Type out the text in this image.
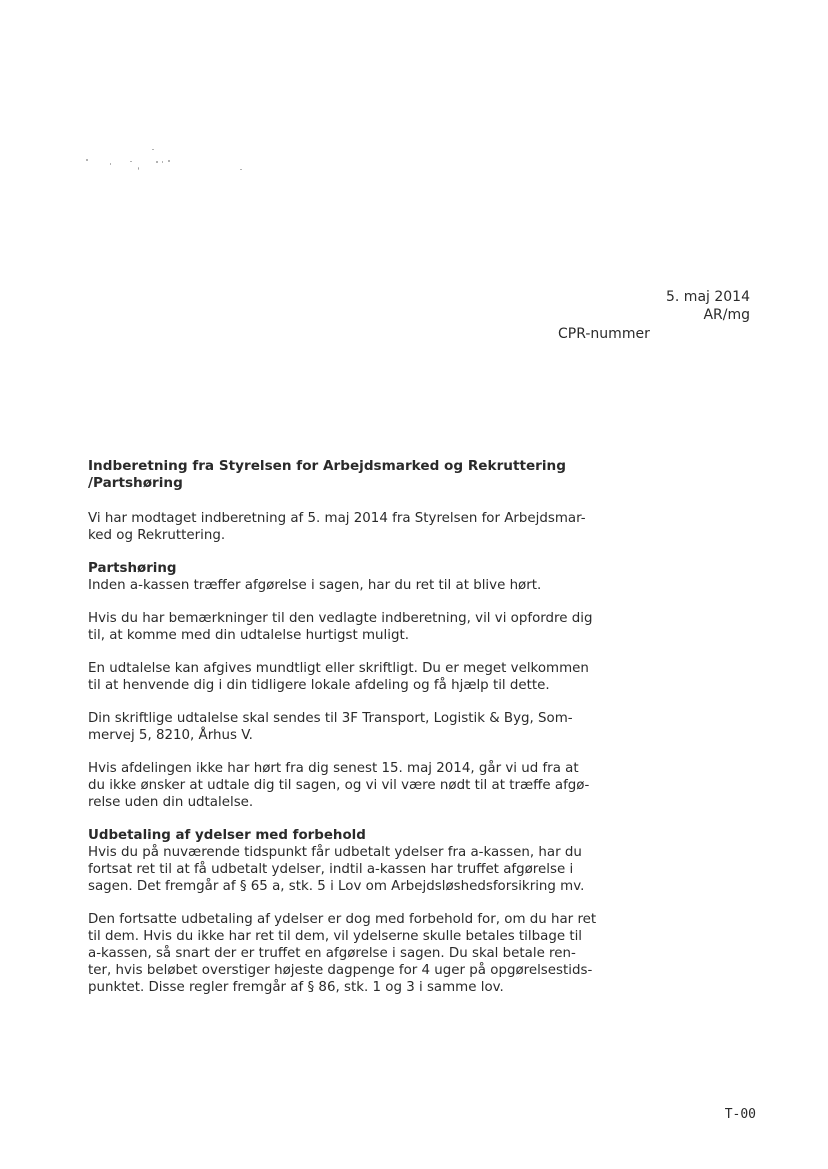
5. maj 2014
AR/mg
CPR-nummer

Indberetning fra Styrelsen for Arbejdsmarked og Rekruttering

/Partshøring

Vi har modtaget indberetning af 5. maj 2014 fra Styrelsen for Arbejdsmar-
ked og Rekruttering.

Partshøring

Inden a-kassen træffer afgørelse i sagen, har du ret til at blive hørt.

Hvis du har bemærkninger til den vedlagte indberetning, vil vi opfordre dig
til, at komme med din udtalelse hurtigst muligt.

En udtalelse kan afgives mundtligt eller skriftligt. Du er meget velkommen
til at henvende dig i din tidligere lokale afdeling og få hjælp til dette.

Din skriftlige udtalelse skal sendes til 3F Transport, Logistik & Byg, Som-
mervej 5, 8210, Århus V.

Hvis afdelingen ikke har hørt fra dig senest 15. maj 2014, går vi ud fra at
du ikke ønsker at udtale dig til sagen, og vi vil være nødt til at træffe afgø-
relse uden din udtalelse.

Udbetaling af ydelser med forbehold

Hvis du på nuværende tidspunkt får udbetalt ydelser fra a-kassen, har du
fortsat ret til at få udbetalt ydelser, indtil a-kassen har truffet afgørelse i
sagen. Det fremgår af § 65 a, stk. 5 i Lov om Arbejdsløshedsforsikring mv.

Den fortsatte udbetaling af ydelser er dog med forbehold for, om du har ret
til dem. Hvis du ikke har ret til dem, vil ydelserne skulle betales tilbage til
a-kassen, så snart der er truffet en afgørelse i sagen. Du skal betale ren-
ter, hvis beløbet overstiger højeste dagpenge for 4 uger på opgørelsestids-
punktet. Disse regler fremgår af § 86, stk. 1 og 3 i samme lov.

T-00
